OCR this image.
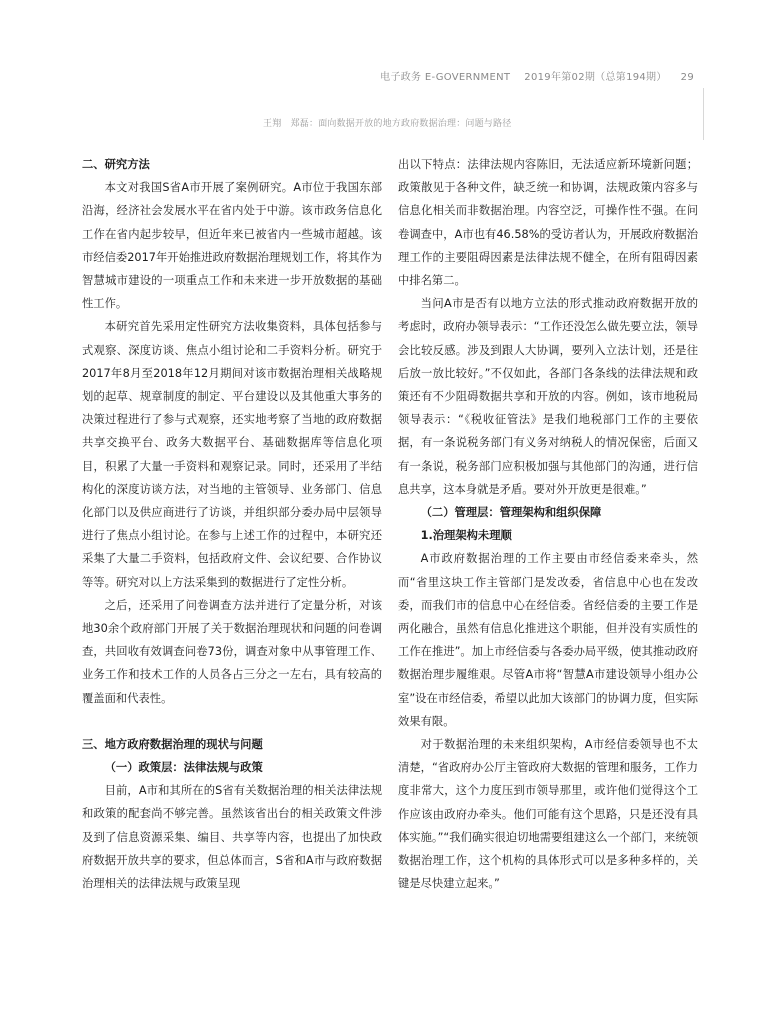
电子政务 E-GOVERNMENT 2019年第02期（总第194期） 29
王翔　郑磊：面向数据开放的地方政府数据治理：问题与路径

二、研究方法

本文对我国S省A市开展了案例研究。A市位于我国东部沿海，经济社会发展水平在省内处于中游。该市政务信息化工作在省内起步较早，但近年来已被省内一些城市超越。该市经信委2017年开始推进政府数据治理规划工作，将其作为智慧城市建设的一项重点工作和未来进一步开放数据的基础性工作。

本研究首先采用定性研究方法收集资料，具体包括参与式观察、深度访谈、焦点小组讨论和二手资料分析。研究于2017年8月至2018年12月期间对该市数据治理相关战略规划的起草、规章制度的制定、平台建设以及其他重大事务的决策过程进行了参与式观察，还实地考察了当地的政府数据共享交换平台、政务大数据平台、基础数据库等信息化项目，积累了大量一手资料和观察记录。同时，还采用了半结构化的深度访谈方法，对当地的主管领导、业务部门、信息化部门以及供应商进行了访谈，并组织部分委办局中层领导进行了焦点小组讨论。在参与上述工作的过程中，本研究还采集了大量二手资料，包括政府文件、会议纪要、合作协议等等。研究对以上方法采集到的数据进行了定性分析。

之后，还采用了问卷调查方法并进行了定量分析，对该地30余个政府部门开展了关于数据治理现状和问题的问卷调查，共回收有效调查问卷73份，调查对象中从事管理工作、业务工作和技术工作的人员各占三分之一左右，具有较高的覆盖面和代表性。

三、地方政府数据治理的现状与问题

（一）政策层：法律法规与政策

目前，A市和其所在的S省有关数据治理的相关法律法规和政策的配套尚不够完善。虽然该省出台的相关政策文件涉及到了信息资源采集、编目、共享等内容，也提出了加快政府数据开放共享的要求，但总体而言，S省和A市与政府数据治理相关的法律法规与政策呈现

出以下特点：法律法规内容陈旧，无法适应新环境新问题；政策散见于各种文件，缺乏统一和协调，法规政策内容多与信息化相关而非数据治理。内容空泛，可操作性不强。在问卷调查中，A市也有46.58%的受访者认为，开展政府数据治理工作的主要阻碍因素是法律法规不健全，在所有阻碍因素中排名第二。

当问A市是否有以地方立法的形式推动政府数据开放的考虑时，政府办领导表示：“工作还没怎么做先要立法，领导会比较反感。涉及到跟人大协调，要列入立法计划，还是往后放一放比较好。”不仅如此，各部门各条线的法律法规和政策还有不少阻碍数据共享和开放的内容。例如，该市地税局领导表示：“《税收征管法》是我们地税部门工作的主要依据，有一条说税务部门有义务对纳税人的情况保密，后面又有一条说，税务部门应积极加强与其他部门的沟通，进行信息共享，这本身就是矛盾。要对外开放更是很难。”

（二）管理层：管理架构和组织保障

1.治理架构未理顺

A市政府数据治理的工作主要由市经信委来牵头，然而“省里这块工作主管部门是发改委，省信息中心也在发改委，而我们市的信息中心在经信委。省经信委的主要工作是两化融合，虽然有信息化推进这个职能，但并没有实质性的工作在推进”。加上市经信委与各委办局平级，使其推动政府数据治理步履维艰。尽管A市将“智慧A市建设领导小组办公室”设在市经信委，希望以此加大该部门的协调力度，但实际效果有限。

对于数据治理的未来组织架构，A市经信委领导也不太清楚，“省政府办公厅主管政府大数据的管理和服务，工作力度非常大，这个力度压到市领导那里，或许他们觉得这个工作应该由政府办牵头。他们可能有这个思路，只是还没有具体实施。”“我们确实很迫切地需要组建这么一个部门，来统领数据治理工作，这个机构的具体形式可以是多种多样的，关键是尽快建立起来。”
